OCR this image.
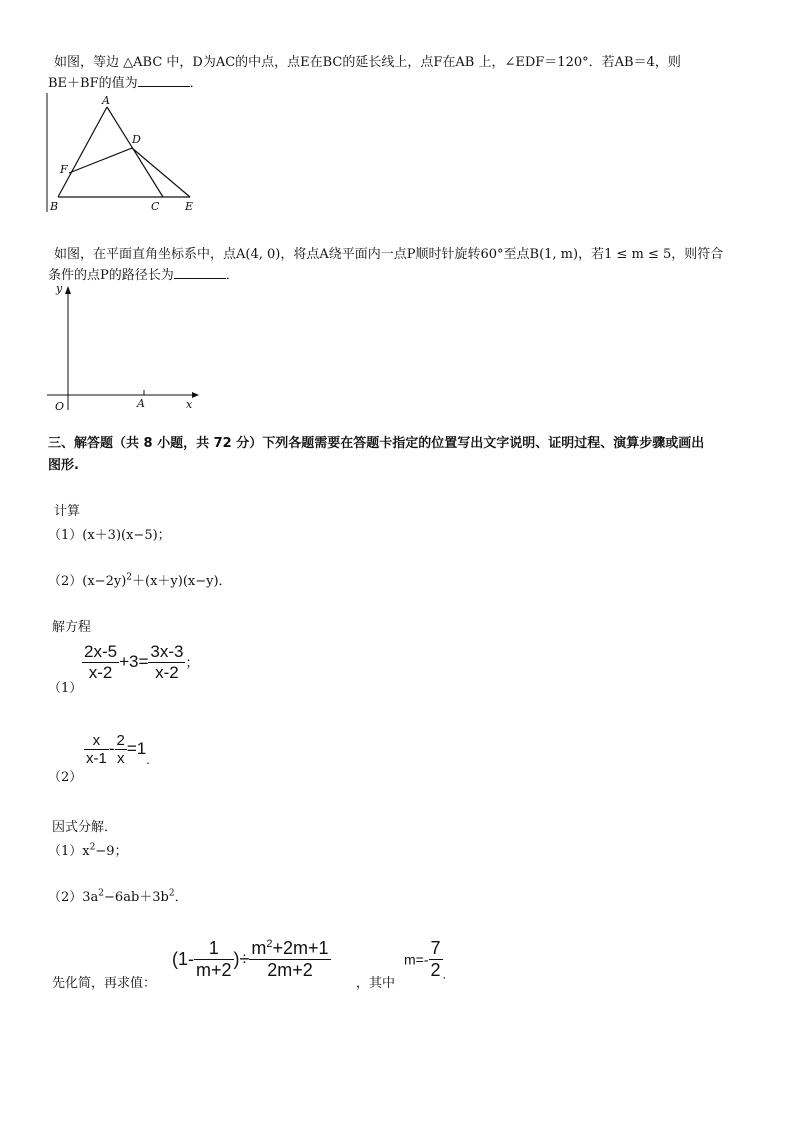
如图，等边 △ABC 中，D为AC的中点，点E在BC的延长线上，点F在AB 上，∠EDF＝120°．若AB＝4，则
BE＋BF的值为	．
A
D
F
B	C E
如图，在平面直角坐标系中，点A(4, 0)，将点A绕平面内一点P顺时针旋转60°至点B(1, m)，若1 ≤ m ≤ 5，则符合
条件的点P的路径长为	．
y
x
O	A
三、解答题（共 8 小题，共 72 分）下列各题需要在答题卡指定的位置写出文字说明、证明过程、演算步骤或画出
图形.
计算
（1）(x＋3)(x−5)；
$(2)(x-2y)^2+(x+y)(x-y)$．
解方程
（1）
$\frac{2x-5}{x-2} +3= \frac{3x-3}{x-2}$ ；
（2）
$\frac{x}{x-1} - \frac{2}{x} =1_.$
因式分解．
$(1)x^2-9$；
$(2)3a^2-6ab+3b^2$．
先化简，再求值：
($1- \frac{1}{m+2}$ )÷ $\frac{m^2+2m+1}{2m+2}$
，其中
$m=- \frac{7}{2} _.$
